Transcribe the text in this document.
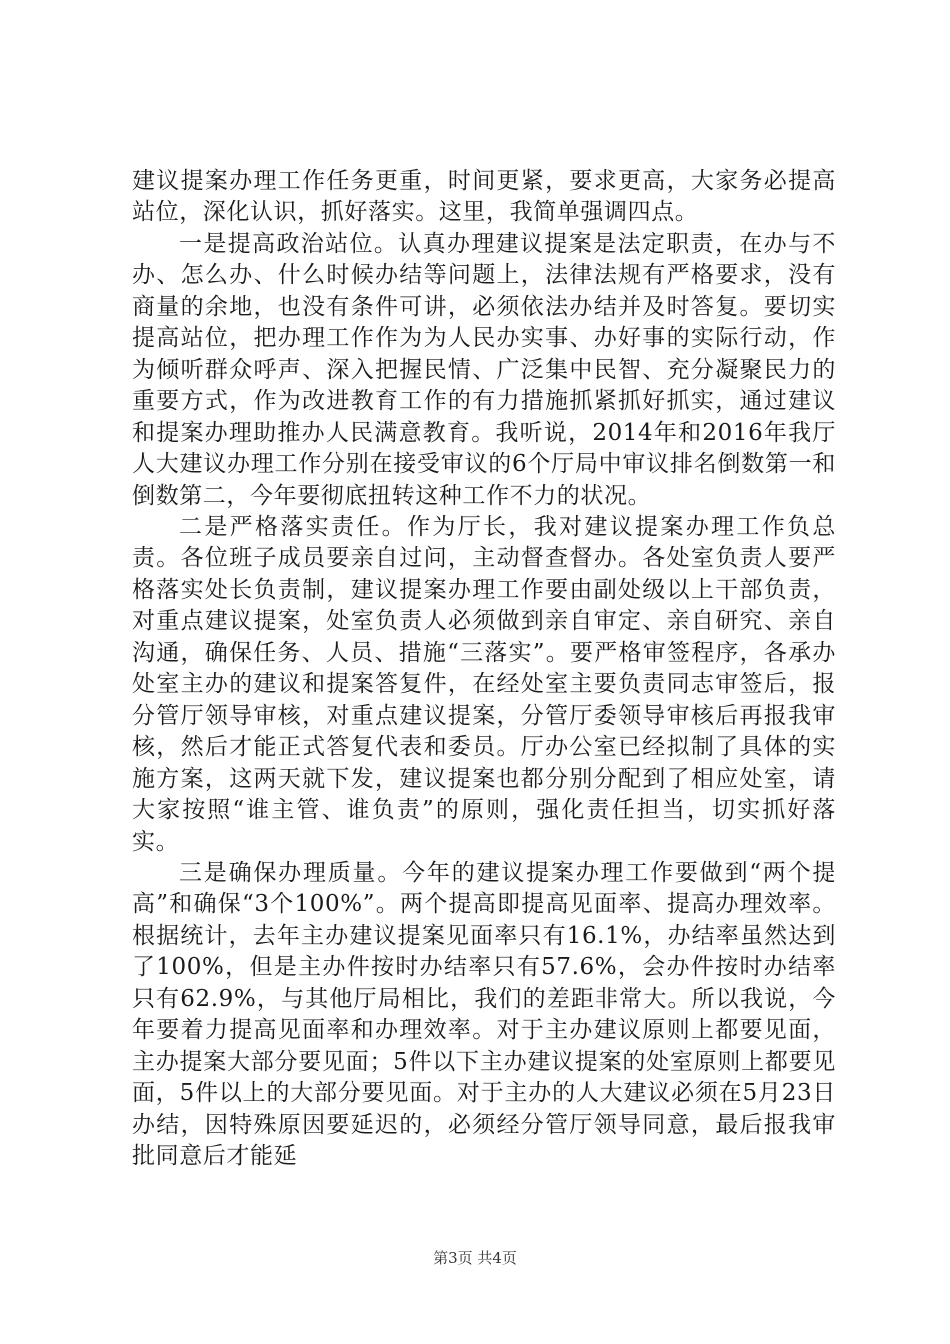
建议提案办理工作任务更重，时间更紧，要求更高，大家务必提高站位，深化认识，抓好落实。这里，我简单强调四点。

一是提高政治站位。认真办理建议提案是法定职责，在办与不办、怎么办、什么时候办结等问题上，法律法规有严格要求，没有商量的余地，也没有条件可讲，必须依法办结并及时答复。要切实提高站位，把办理工作作为为人民办实事、办好事的实际行动，作为倾听群众呼声、深入把握民情、广泛集中民智、充分凝聚民力的重要方式，作为改进教育工作的有力措施抓紧抓好抓实，通过建议和提案办理助推办人民满意教育。我听说，2014年和2016年我厅人大建议办理工作分别在接受审议的6个厅局中审议排名倒数第一和倒数第二，今年要彻底扭转这种工作不力的状况。

二是严格落实责任。作为厅长，我对建议提案办理工作负总责。各位班子成员要亲自过问，主动督查督办。各处室负责人要严格落实处长负责制，建议提案办理工作要由副处级以上干部负责，对重点建议提案，处室负责人必须做到亲自审定、亲自研究、亲自沟通，确保任务、人员、措施“三落实”。要严格审签程序，各承办处室主办的建议和提案答复件，在经处室主要负责同志审签后，报分管厅领导审核，对重点建议提案，分管厅委领导审核后再报我审核，然后才能正式答复代表和委员。厅办公室已经拟制了具体的实施方案，这两天就下发，建议提案也都分别分配到了相应处室，请大家按照“谁主管、谁负责”的原则，强化责任担当，切实抓好落实。

三是确保办理质量。今年的建议提案办理工作要做到“两个提高”和确保“3个100%”。两个提高即提高见面率、提高办理效率。根据统计，去年主办建议提案见面率只有16.1%，办结率虽然达到了100%，但是主办件按时办结率只有57.6%，会办件按时办结率只有62.9%，与其他厅局相比，我们的差距非常大。所以我说，今年要着力提高见面率和办理效率。对于主办建议原则上都要见面，主办提案大部分要见面；5件以下主办建议提案的处室原则上都要见面，5件以上的大部分要见面。对于主办的人大建议必须在5月23日办结，因特殊原因要延迟的，必须经分管厅领导同意，最后报我审批同意后才能延

第3页 共4页
